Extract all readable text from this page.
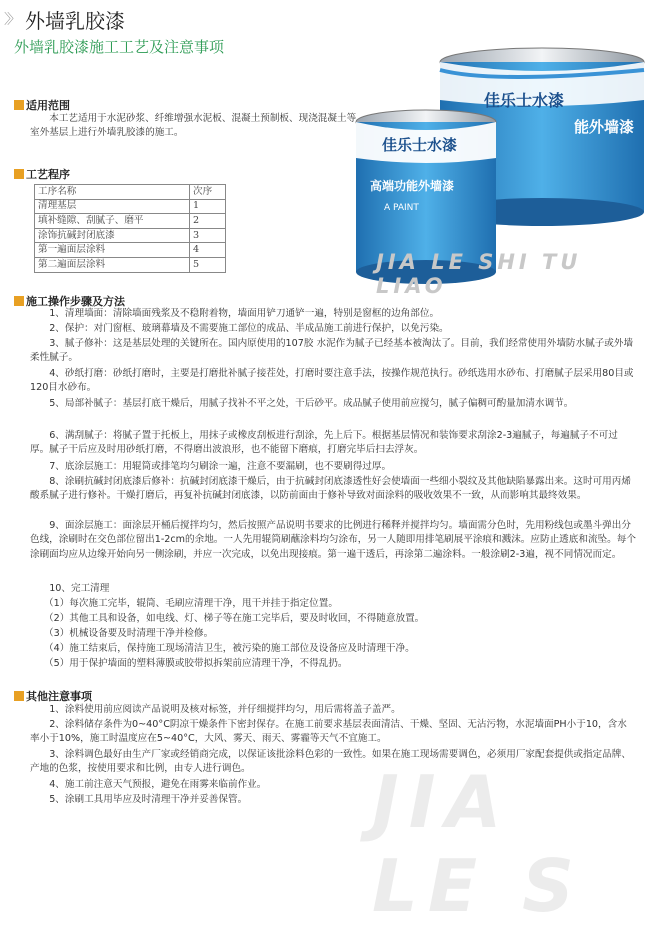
〉〉 外墙乳胶漆
外墙乳胶漆施工工艺及注意事项
能外墙漆
佳乐士水漆
佳乐士水漆
高端功能外墙漆
A PAINT
JIA LE SHI TU LIAO
适用范围
本工艺适用于水泥砂浆、纤维增强水泥板、混凝土预制板、现浇混凝土等室外基层上进行外墙乳胶漆的施工。
工艺程序
工序名称	次序
清理基层	1
填补缝隙、刮腻子、磨平	2
涂饰抗碱封闭底漆	3
第一遍面层涂料	4
第二遍面层涂料	5
施工操作步骤及方法
1、清理墙面：清除墙面残浆及不稳附着物，墙面用铲刀通铲一遍，特别是窗框的边角部位。
2、保护：对门窗框、玻璃幕墙及不需要施工部位的成品、半成品施工前进行保护，以免污染。
3、腻子修补：这是基层处理的关键所在。国内原使用的107胶 水泥作为腻子已经基本被淘汰了。目前，我们经常使用外墙防水腻子或外墙柔性腻子。
4、砂纸打磨：砂纸打磨时，主要是打磨批补腻子接茬处，打磨时要注意手法，按操作规范执行。砂纸选用水砂布、打磨腻子层采用80目或120目水砂布。
5、局部补腻子：基层打底干燥后，用腻子找补不平之处，干后砂平。成品腻子使用前应搅匀，腻子偏稠可酌量加清水调节。
6、满刮腻子：将腻子置于托板上，用抹子或橡皮刮板进行刮涂，先上后下。根据基层情况和装饰要求刮涂2-3遍腻子，每遍腻子不可过厚。腻子干后应及时用砂纸打磨，不得磨出波浪形，也不能留下磨痕，打磨完毕后扫去浮灰。
7、底涂层施工：用辊筒或排笔均匀刷涂一遍，注意不要漏刷，也不要刷得过厚。
8、涂刷抗碱封闭底漆后修补：抗碱封闭底漆干燥后，由于抗碱封闭底漆透性好会使墙面一些细小裂纹及其他缺陷暴露出来。这时可用丙烯酸系腻子进行修补。干燥打磨后，再复补抗碱封闭底漆，以防前面由于修补导致对面涂料的吸收效果不一致，从而影响其最终效果。
9、面涂层施工：面涂层开桶后搅拌均匀，然后按照产品说明书要求的比例进行稀释并搅拌均匀。墙面需分色时，先用粉线包或墨斗弹出分色线，涂刷时在交色部位留出1-2cm的余地。一人先用辊筒刷蘸涂料均匀涂布，另一人随即用排笔刷展平涂痕和溅沫。应防止透底和流坠。每个涂刷面均应从边缘开始向另一侧涂刷，并应一次完成，以免出现接痕。第一遍干透后，再涂第二遍涂料。一般涂刷2-3遍，视不同情况而定。
10、完工清理
（1）每次施工完毕，辊筒、毛刷应清理干净，甩干并挂于指定位置。
（2）其他工具和设备，如电线、灯、梯子等在施工完毕后，要及时收回，不得随意放置。
（3）机械设备要及时清理干净并检修。
（4）施工结束后，保持施工现场清洁卫生，被污染的施工部位及设备应及时清理干净。
（5）用于保护墙面的塑料薄膜或胶带拟拆架前应清理干净，不得乱扔。
其他注意事项
JIA LE S
1、涂料使用前应阅读产品说明及核对标签，并仔细搅拌均匀，用后需将盖子盖严。
2、涂料储存条件为0~40°C阴凉干燥条件下密封保存。在施工前要求基层表面清洁、干燥、坚固、无沾污物，水泥墙面PH小于10，含水率小于10%，施工时温度应在5~40°C，大风、雾天、雨天、雾霾等天气不宜施工。
3、涂料调色最好由生产厂家或经销商完成，以保证该批涂料色彩的一致性。如果在施工现场需要调色，必须用厂家配套提供或指定品牌、产地的色浆，按使用要求和比例，由专人进行调色。
4、施工前注意天气预报，避免在雨雾来临前作业。
5、涂刷工具用毕应及时清理干净并妥善保管。
